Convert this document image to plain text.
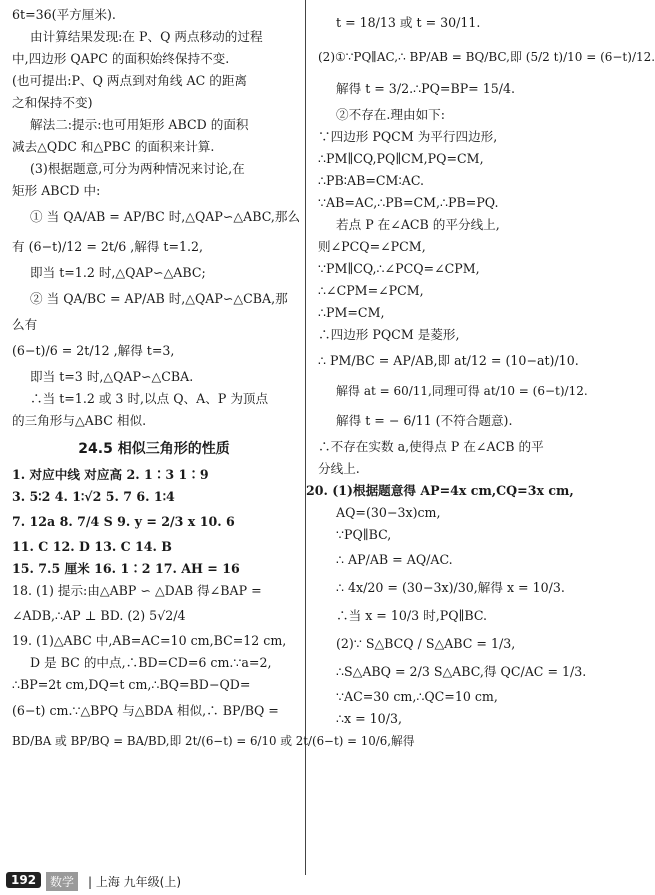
6t=36(平方厘米).
由计算结果发现:在 P、Q 两点移动的过程
中,四边形 QAPC 的面积始终保持不变.
(也可提出:P、Q 两点到对角线 AC 的距离
之和保持不变)
解法二:提示:也可用矩形 ABCD 的面积
减去△QDC 和△PBC 的面积来计算.
(3)根据题意,可分为两种情况来讨论,在
矩形 ABCD 中:
① 当 QA/AB = AP/BC 时,△QAP∽△ABC,那么
有 (6−t)/12 = 2t/6 ,解得 t=1.2,
即当 t=1.2 时,△QAP∽△ABC;
② 当 QA/BC = AP/AB 时,△QAP∽△CBA,那
么有
(6−t)/6 = 2t/12 ,解得 t=3,
即当 t=3 时,△QAP∽△CBA.
∴当 t=1.2 或 3 时,以点 Q、A、P 为顶点
的三角形与△ABC 相似.
24.5 相似三角形的性质
1. 对应中线 对应高 2. 1∶3 1∶9
3. 5∶2 4. 1∶√2 5. 7 6. 1∶4
7. 12a 8. 7/4 S 9. y = 2/3 x 10. 6
11. C 12. D 13. C 14. B
15. 7.5 厘米 16. 1∶2 17. AH = 16
18. (1) 提示:由△ABP ∽ △DAB 得∠BAP =
∠ADB,∴AP ⊥ BD. (2) 5√2/4
19. (1)△ABC 中,AB=AC=10 cm,BC=12 cm,
D 是 BC 的中点,∴BD=CD=6 cm.∵a=2,
∴BP=2t cm,DQ=t cm,∴BQ=BD−QD=
(6−t) cm.∵△BPQ 与△BDA 相似,∴ BP/BQ =
BD/BA 或 BP/BQ = BA/BD,即 2t/(6−t) = 6/10 或 2t/(6−t) = 10/6,解得
t = 18/13 或 t = 30/11.
(2)①∵PQ∥AC,∴ BP/AB = BQ/BC,即 (5/2 t)/10 = (6−t)/12.
解得 t = 3/2.∴PQ=BP= 15/4.
②不存在.理由如下:
∵四边形 PQCM 为平行四边形,
∴PM∥CQ,PQ∥CM,PQ=CM,
∴PB∶AB=CM∶AC.
∵AB=AC,∴PB=CM,∴PB=PQ.
若点 P 在∠ACB 的平分线上,
则∠PCQ=∠PCM,
∵PM∥CQ,∴∠PCQ=∠CPM,
∴∠CPM=∠PCM,
∴PM=CM,
∴四边形 PQCM 是菱形,
∴ PM/BC = AP/AB,即 at/12 = (10−at)/10.
解得 at = 60/11,同理可得 at/10 = (6−t)/12.
解得 t = − 6/11 (不符合题意).
∴不存在实数 a,使得点 P 在∠ACB 的平
分线上.
20. (1)根据题意得 AP=4x cm,CQ=3x cm,
AQ=(30−3x)cm,
∵PQ∥BC,
∴ AP/AB = AQ/AC.
∴ 4x/20 = (30−3x)/30,解得 x = 10/3.
∴当 x = 10/3 时,PQ∥BC.
(2)∵ S△BCQ / S△ABC = 1/3,
∴S△ABQ = 2/3 S△ABC,得 QC/AC = 1/3.
∵AC=30 cm,∴QC=10 cm,
∴x = 10/3,
192	数学	| 上海 九年级(上)
